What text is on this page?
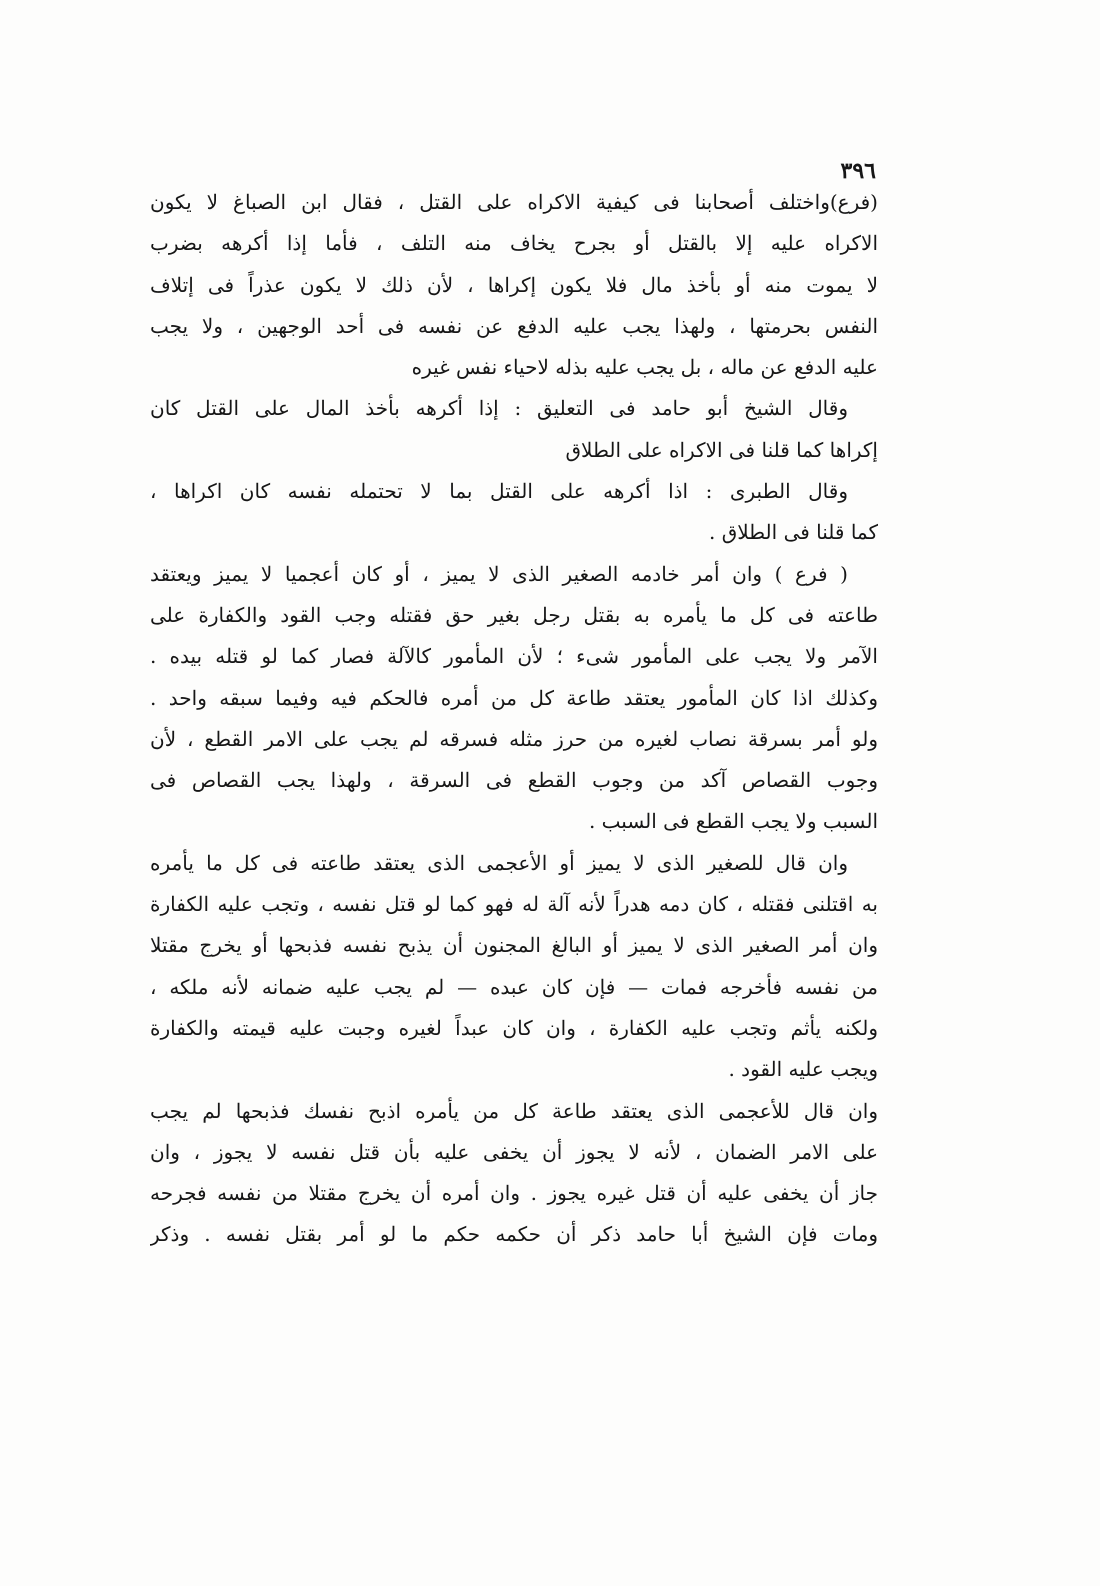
٣٩٦
(فرع)واختلف أصحابنا فى كيفية الاكراه على القتل ، فقال ابن الصباغ لا يكون
الاكراه عليه إلا بالقتل أو بجرح يخاف منه التلف ، فأما إذا أكرهه بضرب
لا يموت منه أو بأخذ مال فلا يكون إكراها ، لأن ذلك لا يكون عذراً فى إتلاف
النفس بحرمتها ، ولهذا يجب عليه الدفع عن نفسه فى أحد الوجهين ، ولا يجب
عليه الدفع عن ماله ، بل يجب عليه بذله لاحياء نفس غيره
وقال الشيخ أبو حامد فى التعليق : إذا أكرهه بأخذ المال على القتل كان
إكراها كما قلنا فى الاكراه على الطلاق
وقال الطبرى : اذا أكرهه على القتل بما لا تحتمله نفسه كان اكراها ،
كما قلنا فى الطلاق .
( فرع ) وان أمر خادمه الصغير الذى لا يميز ، أو كان أعجميا لا يميز ويعتقد
طاعته فى كل ما يأمره به بقتل رجل بغير حق فقتله وجب القود والكفارة على
الآمر ولا يجب على المأمور شىء ؛ لأن المأمور كالآلة فصار كما لو قتله بيده .
وكذلك اذا كان المأمور يعتقد طاعة كل من أمره فالحكم فيه وفيما سبقه واحد .
ولو أمر بسرقة نصاب لغيره من حرز مثله فسرقه لم يجب على الامر القطع ، لأن
وجوب القصاص آكد من وجوب القطع فى السرقة ، ولهذا يجب القصاص فى
السبب ولا يجب القطع فى السبب .
وان قال للصغير الذى لا يميز أو الأعجمى الذى يعتقد طاعته فى كل ما يأمره
به اقتلنى فقتله ، كان دمه هدراً لأنه آلة له فهو كما لو قتل نفسه ، وتجب عليه الكفارة
وان أمر الصغير الذى لا يميز أو البالغ المجنون أن يذبح نفسه فذبحها أو يخرج مقتلا
من نفسه فأخرجه فمات — فإن كان عبده — لم يجب عليه ضمانه لأنه ملكه ،
ولكنه يأثم وتجب عليه الكفارة ، وان كان عبداً لغيره وجبت عليه قيمته والكفارة
ويجب عليه القود .
وان قال للأعجمى الذى يعتقد طاعة كل من يأمره اذبح نفسك فذبحها لم يجب
على الامر الضمان ، لأنه لا يجوز أن يخفى عليه بأن قتل نفسه لا يجوز ، وان
جاز أن يخفى عليه أن قتل غيره يجوز . وان أمره أن يخرج مقتلا من نفسه فجرحه
ومات فإن الشيخ أبا حامد ذكر أن حكمه حكم ما لو أمر بقتل نفسه . وذكر
